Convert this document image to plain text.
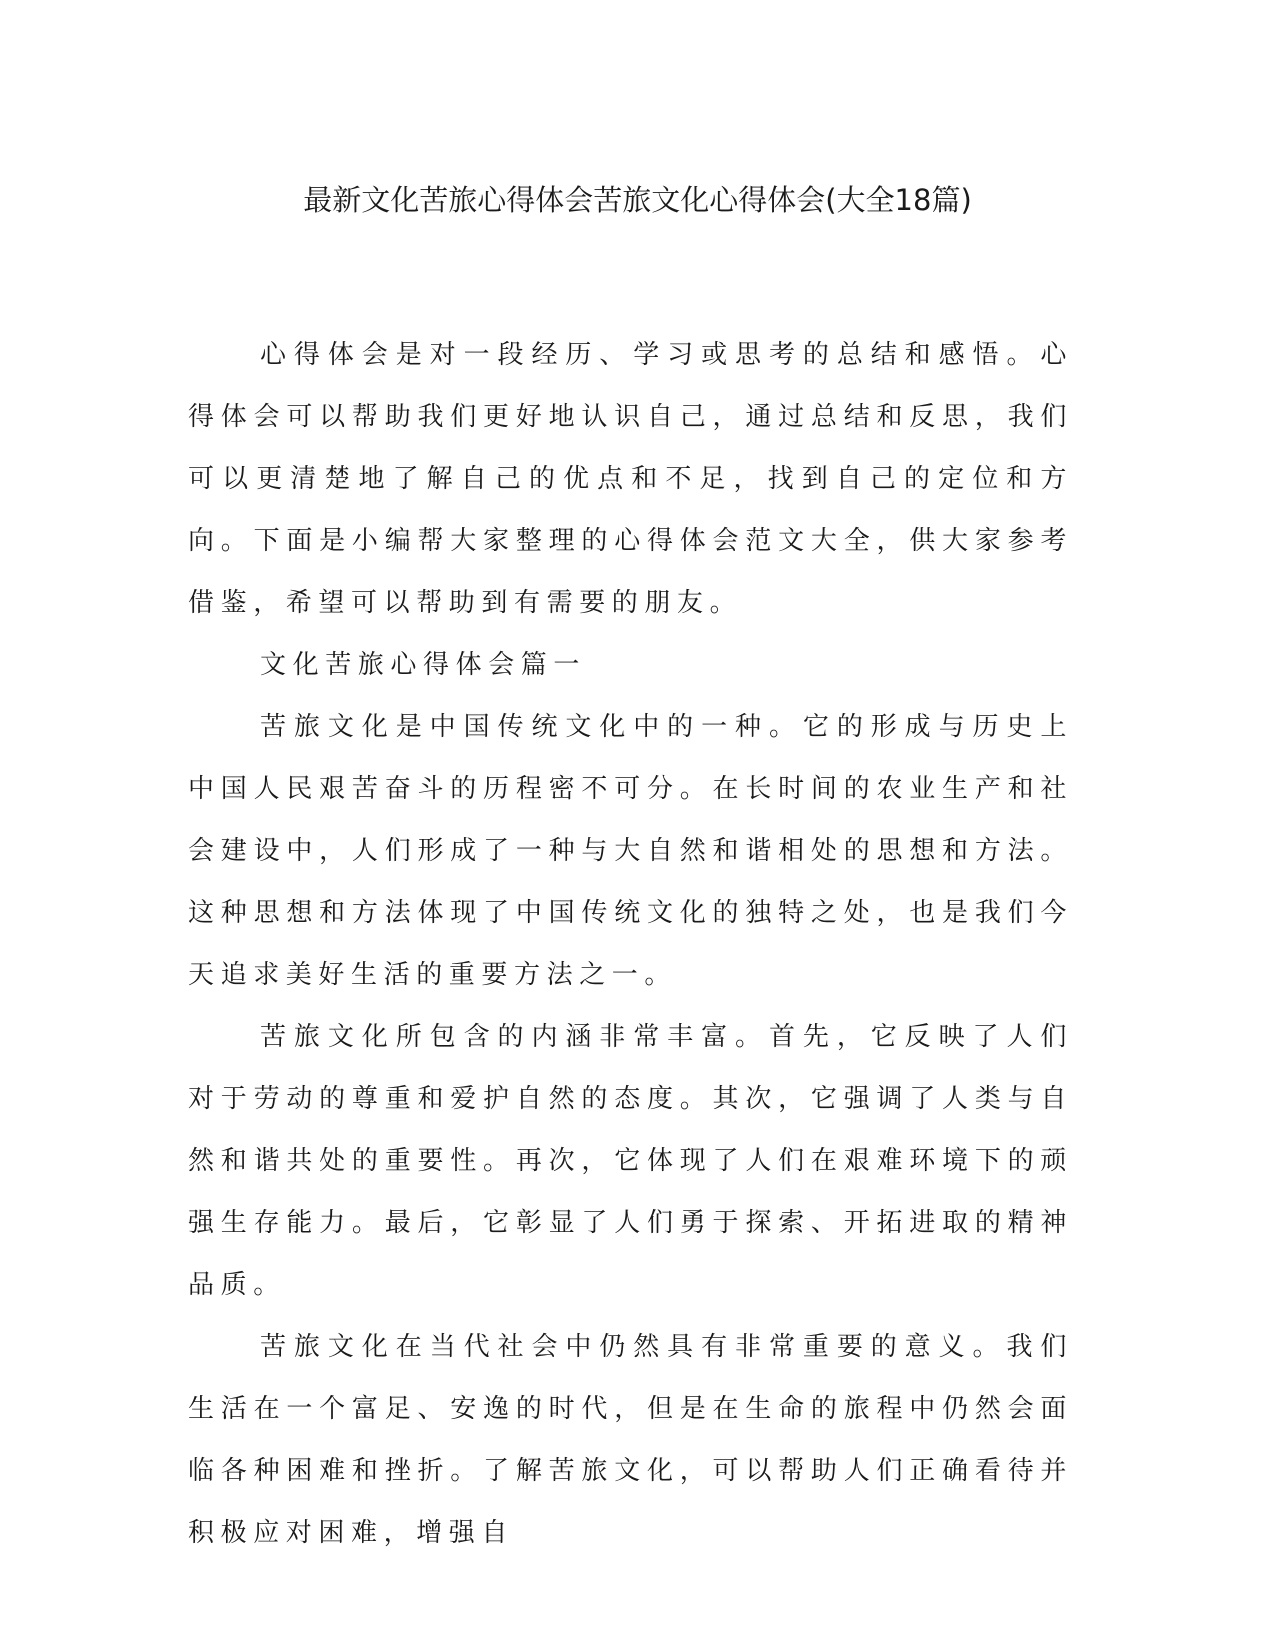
最新文化苦旅心得体会苦旅文化心得体会(大全18篇)

心得体会是对一段经历、学习或思考的总结和感悟。心得体会可以帮助我们更好地认识自己，通过总结和反思，我们可以更清楚地了解自己的优点和不足，找到自己的定位和方向。下面是小编帮大家整理的心得体会范文大全，供大家参考借鉴，希望可以帮助到有需要的朋友。

文化苦旅心得体会篇一

苦旅文化是中国传统文化中的一种。它的形成与历史上中国人民艰苦奋斗的历程密不可分。在长时间的农业生产和社会建设中，人们形成了一种与大自然和谐相处的思想和方法。这种思想和方法体现了中国传统文化的独特之处，也是我们今天追求美好生活的重要方法之一。

苦旅文化所包含的内涵非常丰富。首先，它反映了人们对于劳动的尊重和爱护自然的态度。其次，它强调了人类与自然和谐共处的重要性。再次，它体现了人们在艰难环境下的顽强生存能力。最后，它彰显了人们勇于探索、开拓进取的精神品质。

苦旅文化在当代社会中仍然具有非常重要的意义。我们生活在一个富足、安逸的时代，但是在生命的旅程中仍然会面临各种困难和挫折。了解苦旅文化，可以帮助人们正确看待并积极应对困难，增强自
